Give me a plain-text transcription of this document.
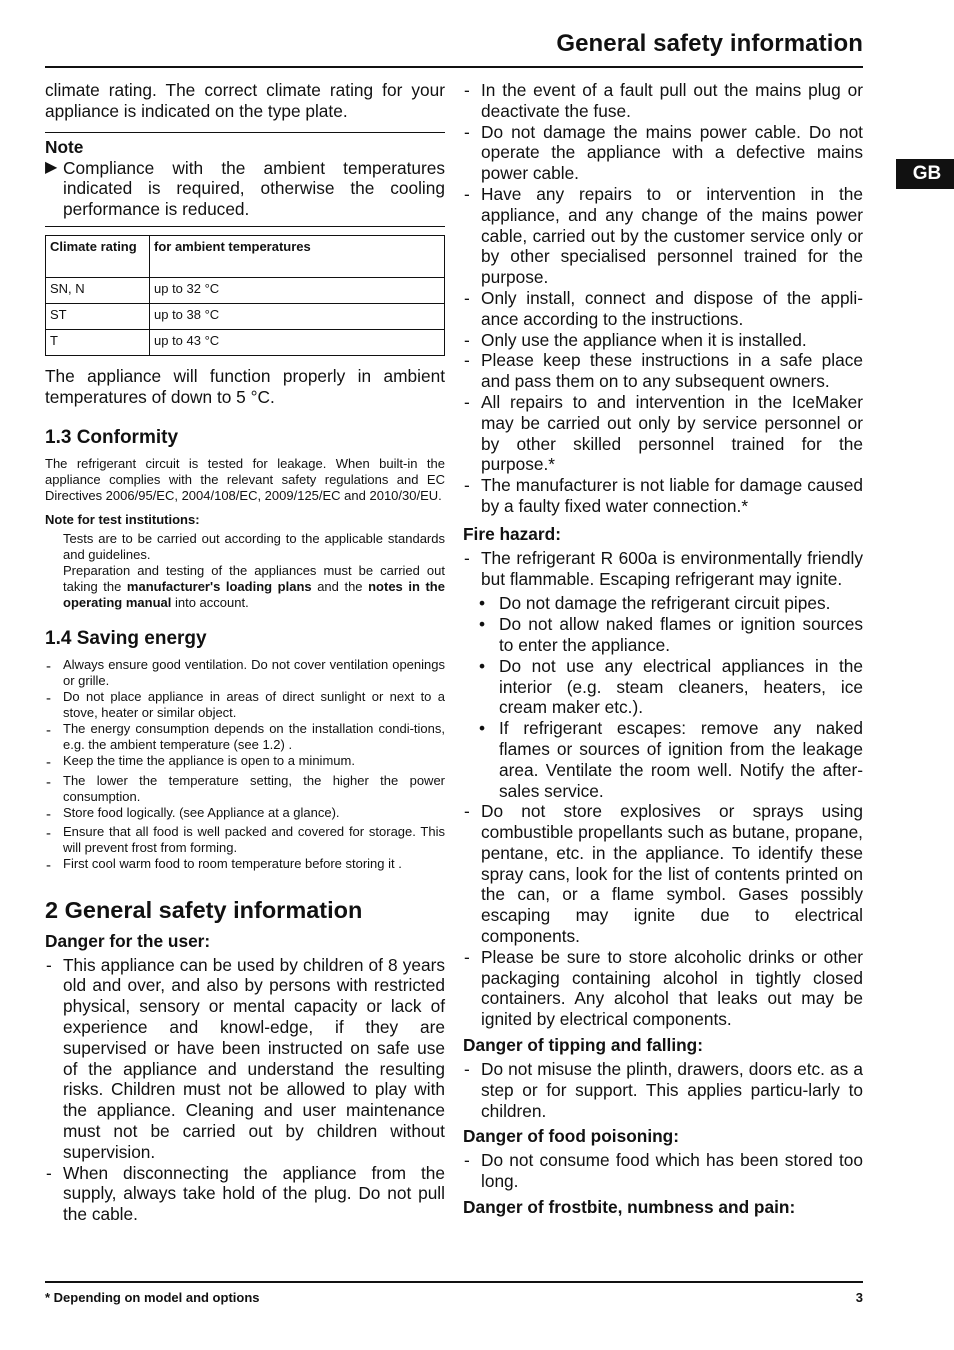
General safety information
GB

climate rating. The correct climate rating for your appliance is indicated on the type plate.

Note
▶ Compliance with the ambient temperatures indicated is required, otherwise the cooling performance is reduced.
Climate rating	for ambient temperatures
SN, N	up to 32 °C
ST	up to 38 °C
T	up to 43 °C

The appliance will function properly in ambient temperatures of down to 5 °C.

1.3 Conformity

The refrigerant circuit is tested for leakage. When built-in the appliance complies with the relevant safety regulations and EC Directives 2006/95/EC, 2004/108/EC, 2009/125/EC and 2010/30/EU.

Note for test institutions:

Tests are to be carried out according to the applicable standards and guidelines.

Preparation and testing of the appliances must be carried out taking the manufacturer's loading plans and the notes in the operating manual into account.

1.4 Saving energy
- Always ensure good ventilation. Do not cover ventilation openings or grille.
- Do not place appliance in areas of direct sunlight or next to a stove, heater or similar object.
- The energy consumption depends on the installation condi-tions, e.g. the ambient temperature (see 1.2) .
- Keep the time the appliance is open to a minimum.
- The lower the temperature setting, the higher the power consumption.
- Store food logically. (see Appliance at a glance).
- Ensure that all food is well packed and covered for storage. This will prevent frost from forming.
- First cool warm food to room temperature before storing it .
2 General safety information
Danger for the user:
- This appliance can be used by children of 8 years old and over, and also by persons with restricted physical, sensory or mental capacity or lack of experience and knowl-edge, if they are supervised or have been instructed on safe use of the appliance and understand the resulting risks. Children must not be allowed to play with the appliance. Cleaning and user maintenance must not be carried out by children without supervision.
- When disconnecting the appliance from the supply, always take hold of the plug. Do not pull the cable.
- In the event of a fault pull out the mains plug or deactivate the fuse.
- Do not damage the mains power cable. Do not operate the appliance with a defective mains power cable.
- Have any repairs to or intervention in the appliance, and any change of the mains power cable, carried out by the customer service only or by other specialised personnel trained for the purpose.
- Only install, connect and dispose of the appli-ance according to the instructions.
- Only use the appliance when it is installed.
- Please keep these instructions in a safe place and pass them on to any subsequent owners.
- All repairs to and intervention in the IceMaker may be carried out only by service personnel or by other skilled personnel trained for the purpose.*
- The manufacturer is not liable for damage caused by a faulty fixed water connection.*
Fire hazard:
- The refrigerant R 600a is environmentally friendly but flammable. Escaping refrigerant may ignite.
• Do not damage the refrigerant circuit pipes.
• Do not allow naked flames or ignition sources to enter the appliance.
• Do not use any electrical appliances in the interior (e.g. steam cleaners, heaters, ice cream maker etc.).
• If refrigerant escapes: remove any naked flames or sources of ignition from the leakage area. Ventilate the room well. Notify the after-sales service.
- Do not store explosives or sprays using combustible propellants such as butane, propane, pentane, etc. in the appliance. To identify these spray cans, look for the list of contents printed on the can, or a flame symbol. Gases possibly escaping may ignite due to electrical components.
- Please be sure to store alcoholic drinks or other packaging containing alcohol in tightly closed containers. Any alcohol that leaks out may be ignited by electrical components.
Danger of tipping and falling:
- Do not misuse the plinth, drawers, doors etc. as a step or for support. This applies particu-larly to children.
Danger of food poisoning:
- Do not consume food which has been stored too long.
Danger of frostbite, numbness and pain:
* Depending on model and options	3
